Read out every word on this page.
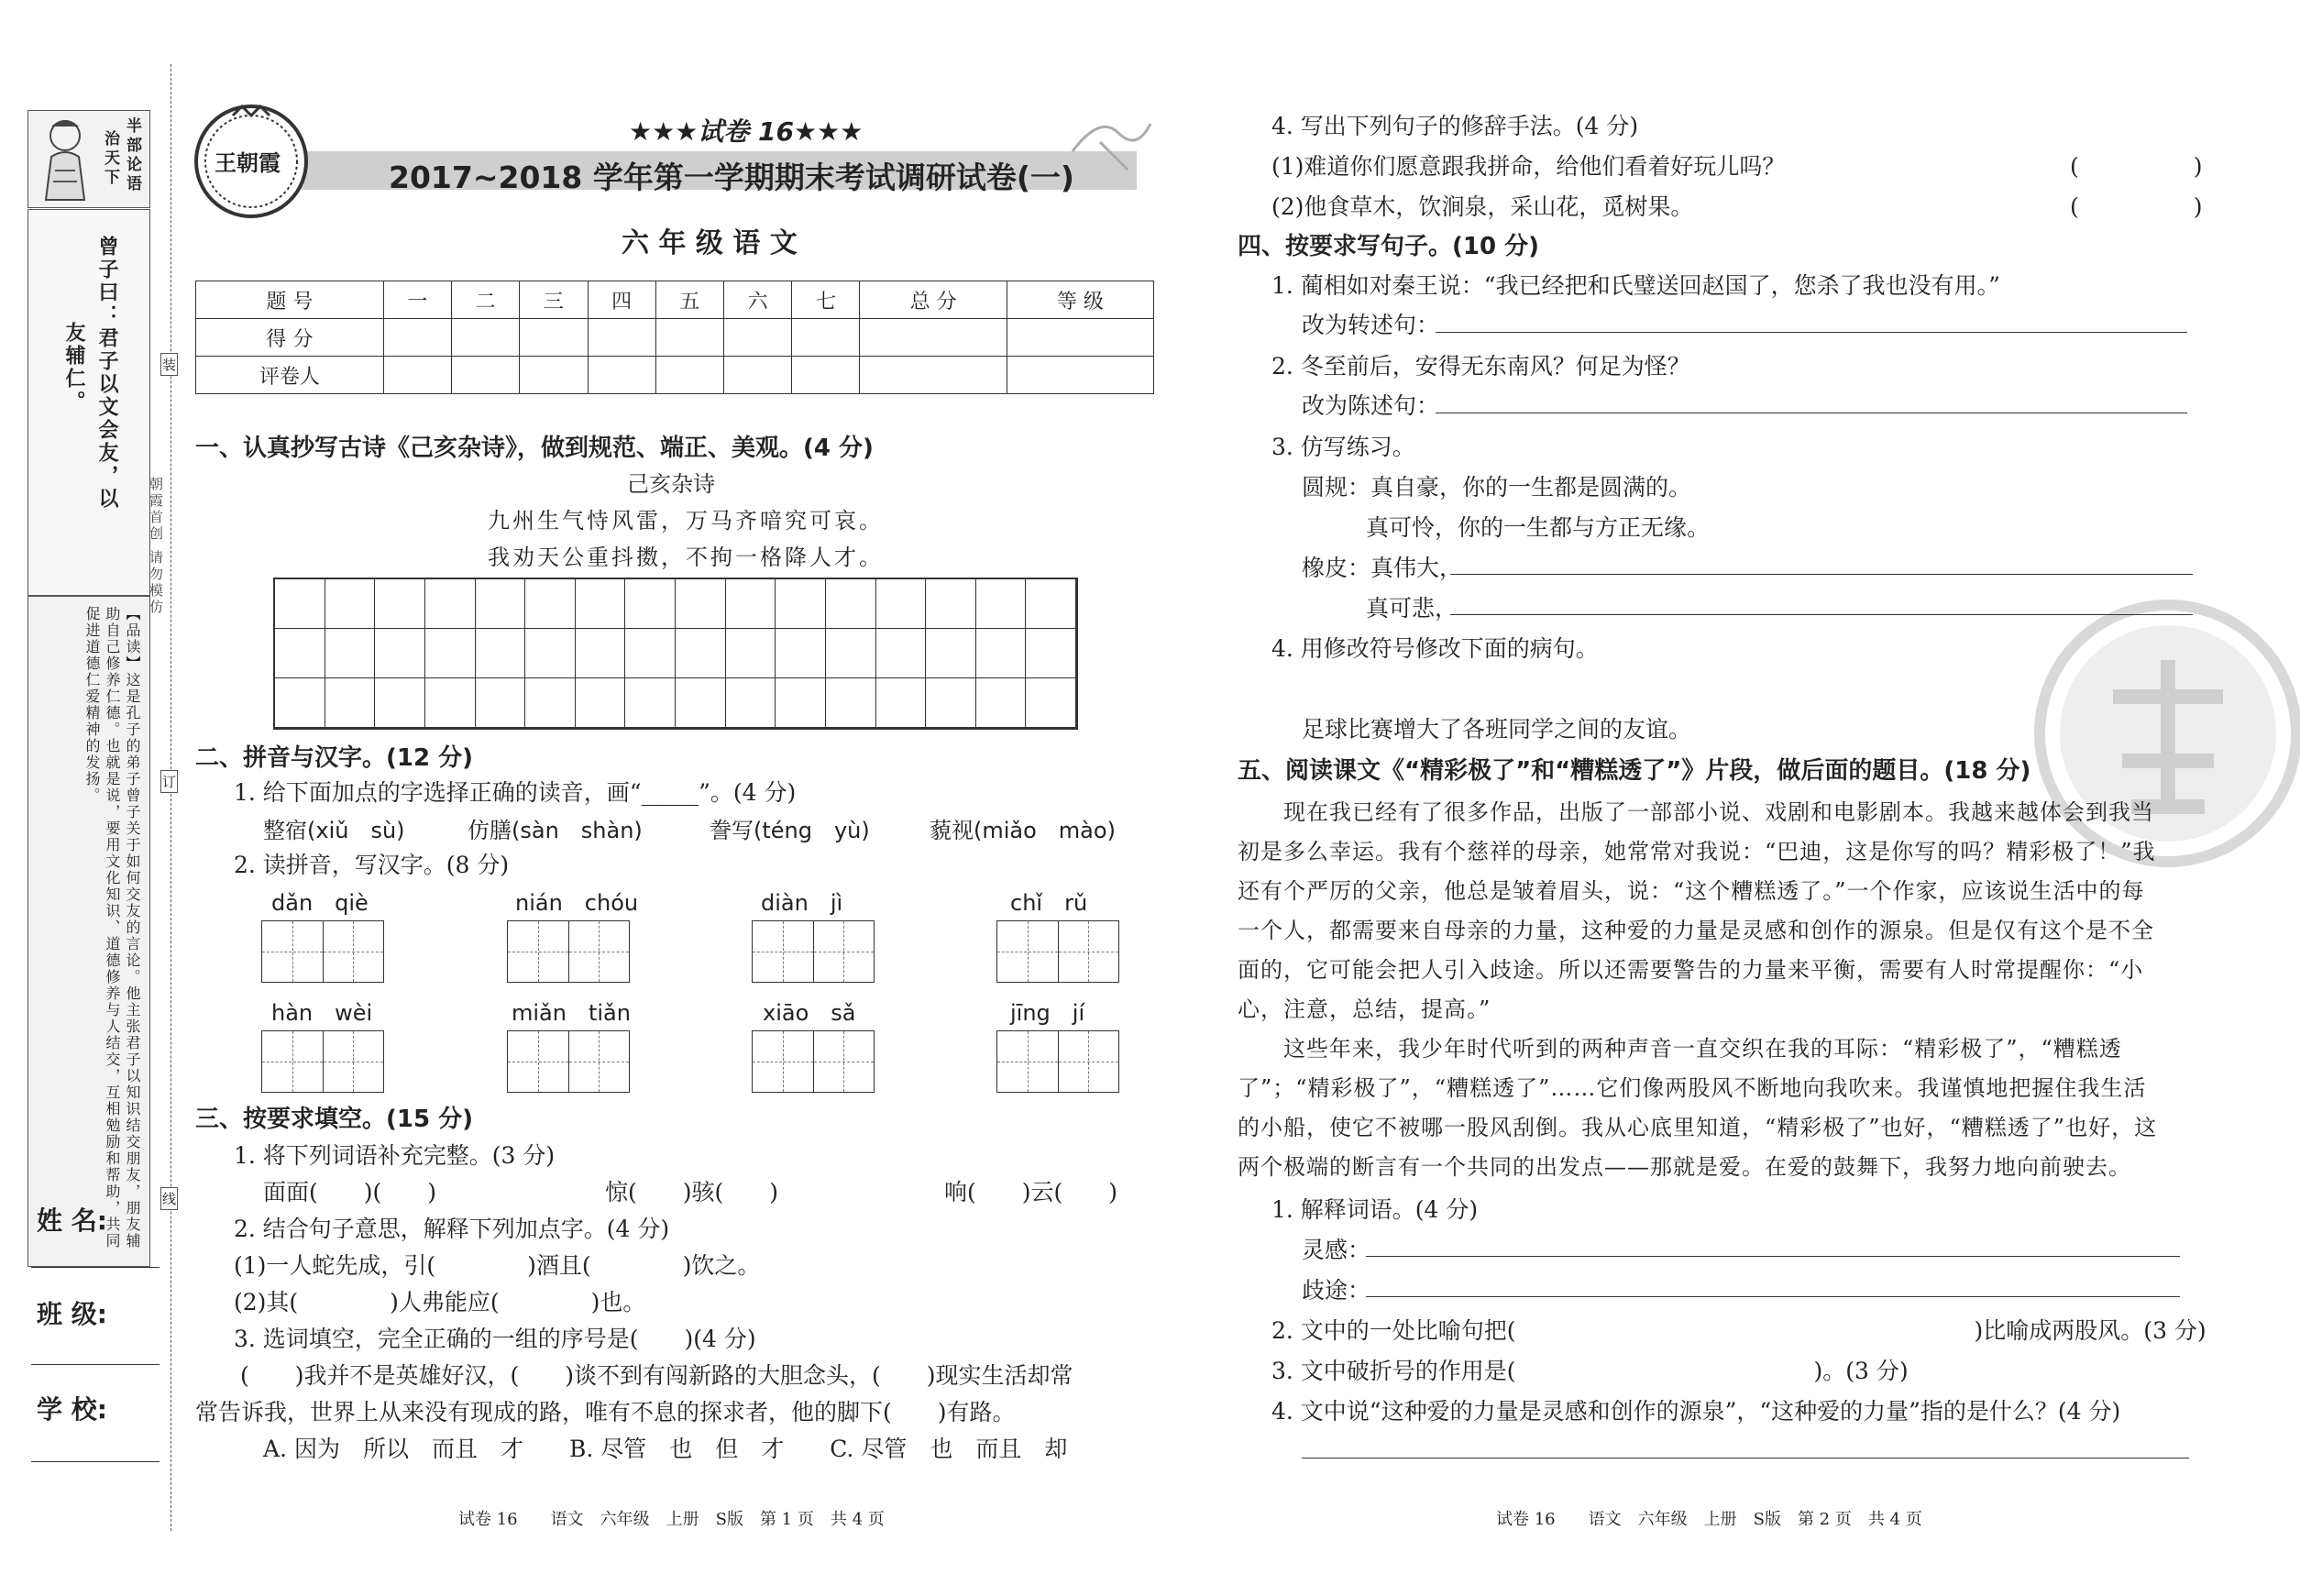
半部论语
治天下
曾子曰：君子以文会友，以
友辅仁。
【品读】这是孔子的弟子曾子关于如何交友的言论。他主张君子以知识结交朋友，朋友辅助自己修养仁德。也就是说，要用文化知识、道德修养与人结交，互相勉励和帮助，共同促进道德仁爱精神的发扬。
朝霞首创 请勿模仿
装
订
线
姓 名:
班 级:
学 校:
王朝霞
★★★试卷 16★★★
2017~2018 学年第一学期期末考试调研试卷(一)
六 年 级 语 文
题 号	一	二	三	四	五	六	七	总 分	等 级
得 分									
评卷人									
一、认真抄写古诗《己亥杂诗》，做到规范、端正、美观。(4 分)
己亥杂诗
九州生气恃风雷，万马齐喑究可哀。
我劝天公重抖擞，不拘一格降人才。
二、拼音与汉字。(12 分)
1. 给下面加点的字选择正确的读音，画“_____”。(4 分)
整宿(xiǔ　sù)	仿膳(sàn　shàn)	誊写(téng　yù)	藐视(miǎo　mào)
2. 读拼音，写汉字。(8 分)
dǎn　qiè	nián　chóu	diàn　jì	chǐ　rǔ
hàn　wèi	miǎn　tiǎn	xiāo　sǎ	jīng　jí
三、按要求填空。(15 分)
1. 将下列词语补充完整。(3 分)
面面(　　)(　　)	惊(　　)骇(　　)	响(　　)云(　　)
2. 结合句子意思，解释下列加点字。(4 分)
(1)一人蛇先成，引(　　　　)酒且(　　　　)饮之。
(2)其(　　　　)人弗能应(　　　　)也。
3. 选词填空，完全正确的一组的序号是(　　)(4 分)
(　　)我并不是英雄好汉，(　　)谈不到有闯新路的大胆念头，(　　)现实生活却常
常告诉我，世界上从来没有现成的路，唯有不息的探求者，他的脚下(　　)有路。
A. 因为　所以　而且　才　　B. 尽管　也　但　才　　C. 尽管　也　而且　却
试卷 16　　语文　六年级　上册　S版　第 1 页　共 4 页
4. 写出下列句子的修辞手法。(4 分)
(1)难道你们愿意跟我拼命，给他们看着好玩儿吗？	(　　　　　)
(2)他食草木，饮涧泉，采山花，觅树果。	(　　　　　)
四、按要求写句子。(10 分)
1. 蔺相如对秦王说：“我已经把和氏璧送回赵国了，您杀了我也没有用。”
改为转述句：
2. 冬至前后，安得无东南风？何足为怪？
改为陈述句：
3. 仿写练习。
圆规：真自豪，你的一生都是圆满的。
真可怜，你的一生都与方正无缘。
橡皮：真伟大，
真可悲，
4. 用修改符号修改下面的病句。
足球比赛增大了各班同学之间的友谊。
五、阅读课文《“精彩极了”和“糟糕透了”》片段，做后面的题目。(18 分)
　　现在我已经有了很多作品，出版了一部部小说、戏剧和电影剧本。我越来越体会到我当
初是多么幸运。我有个慈祥的母亲，她常常对我说：“巴迪，这是你写的吗？精彩极了！”我
还有个严厉的父亲，他总是皱着眉头，说：“这个糟糕透了。”一个作家，应该说生活中的每
一个人，都需要来自母亲的力量，这种爱的力量是灵感和创作的源泉。但是仅有这个是不全
面的，它可能会把人引入歧途。所以还需要警告的力量来平衡，需要有人时常提醒你：“小
心，注意，总结，提高。”
　　这些年来，我少年时代听到的两种声音一直交织在我的耳际：“精彩极了”，“糟糕透
了”；“精彩极了”，“糟糕透了”……它们像两股风不断地向我吹来。我谨慎地把握住我生活
的小船，使它不被哪一股风刮倒。我从心底里知道，“精彩极了”也好，“糟糕透了”也好，这
两个极端的断言有一个共同的出发点——那就是爱。在爱的鼓舞下，我努力地向前驶去。
1. 解释词语。(4 分)
灵感：
歧途：
2. 文中的一处比喻句把(　　　　　　　　　　　　　　　　　　　　)比喻成两股风。(3 分)
3. 文中破折号的作用是(　　　　　　　　　　　　　)。(3 分)
4. 文中说“这种爱的力量是灵感和创作的源泉”，“这种爱的力量”指的是什么？(4 分)
试卷 16　　语文　六年级　上册　S版　第 2 页　共 4 页
